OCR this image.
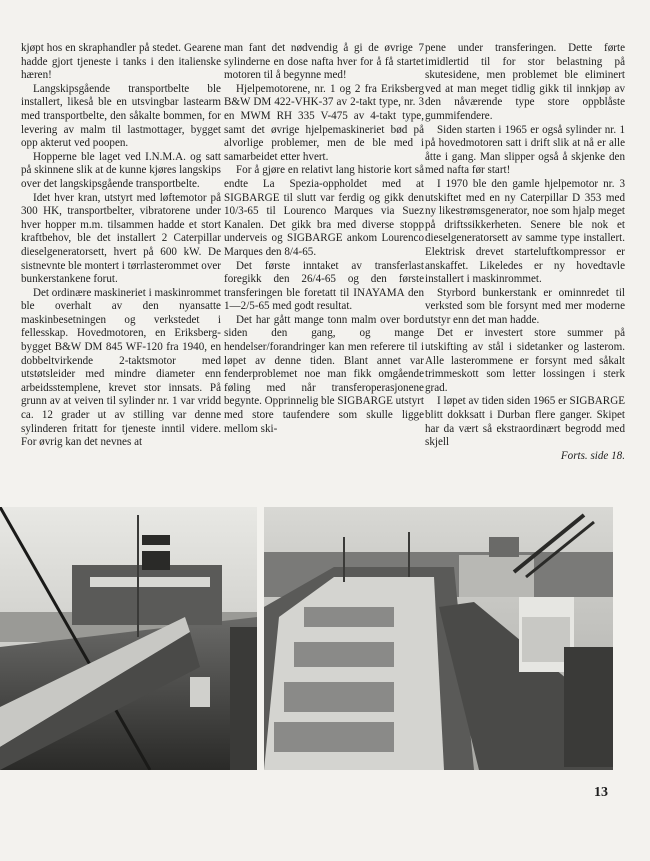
kjøpt hos en skraphandler på stedet. Gearene hadde gjort tjeneste i tanks i den italienske hæren!

Langskipsgående transportbelte ble installert, likeså ble en utsvingbar lastearm med transportbelte, den såkalte bommen, for levering av malm til lastmottager, bygget opp akterut ved poopen.

Hopperne ble laget ved I.N.M.A. og satt på skinnene slik at de kunne kjøres langskips over det langskipsgående transportbelte.

Idet hver kran, utstyrt med løftemotor på 300 HK, transportbelter, vibratorene under hver hopper m.m. tilsammen hadde et stort kraftbehov, ble det installert 2 Caterpillar dieselgeneratorsett, hvert på 600 kW. De sistnevnte ble montert i tørrlasterommet over bunkerstankene forut.

Det ordinære maskineriet i maskinrommet ble overhalt av den nyansatte maskinbesetningen og verkstedet i fellesskap. Hovedmotoren, en Eriksberg-bygget B&W DM 845 WF-120 fra 1940, en dobbeltvirkende 2-taktsmotor med utstøtsleider med mindre diameter enn arbeidsstemplene, krevet stor innsats. På grunn av at veiven til sylinder nr. 1 var vridd ca. 12 grader ut av stilling var denne sylinderen fritatt for tjeneste inntil videre. For øvrig kan det nevnes at

man fant det nødvendig å gi de øvrige 7 sylinderne en dose nafta hver for å få startet motoren til å begynne med!

Hjelpemotorene, nr. 1 og 2 fra Eriksberg B&W DM 422-VHK-37 av 2-takt type, nr. 3 en MWM RH 335 V-475 av 4-takt type, samt det øvrige hjelpemaskineriet bød på alvorlige problemer, men de ble med i samarbeidet etter hvert.

For å gjøre en relativt lang historie kort så endte La Spezia-oppholdet med at SIGBARGE til slutt var ferdig og gikk den 10/3-65 til Lourenco Marques via Suez Kanalen. Det gikk bra med diverse stopp underveis og SIGBARGE ankom Lourenco Marques den 8/4-65.

Det første inntaket av transferlast foregikk den 26/4-65 og den første transferingen ble foretatt til INAYAMA den 1—2/5-65 med godt resultat.

Det har gått mange tonn malm over bord siden den gang, og mange hendelser/forandringer kan men referere til i løpet av denne tiden. Blant annet var fenderproblemet noe man fikk omgående føling med når transferoperasjonene begynte. Opprinnelig ble SIGBARGE utstyrt med store taufendere som skulle ligge mellom ski-

pene under transferingen. Dette førte imidlertid til for stor belastning på skutesidene, men problemet ble eliminert ved at man meget tidlig gikk til innkjøp av den nåværende type store oppblåste gummifendere.

Siden starten i 1965 er også sylinder nr. 1 på hovedmotoren satt i drift slik at nå er alle åtte i gang. Man slipper også å skjenke den med nafta før start!

I 1970 ble den gamle hjelpemotor nr. 3 utskiftet med en ny Caterpillar D 353 med ny likestrømsgenerator, noe som hjalp meget på driftssikkerheten. Senere ble nok et dieselgeneratorsett av samme type installert. Elektrisk drevet starteluftkompressor er anskaffet. Likeledes er ny hovedtavle installert i maskinrommet.

Styrbord bunkerstank er ominnredet til verksted som ble forsynt med mer moderne utstyr enn det man hadde.

Det er investert store summer på utskifting av stål i sidetanker og lasterom. Alle lasterommene er forsynt med såkalt trimmeskott som letter lossingen i sterk grad.

I løpet av tiden siden 1965 er SIGBARGE blitt dokksatt i Durban flere ganger. Skipet har da vært så ekstraordinært begrodd med skjell

Forts. side 18.

13
